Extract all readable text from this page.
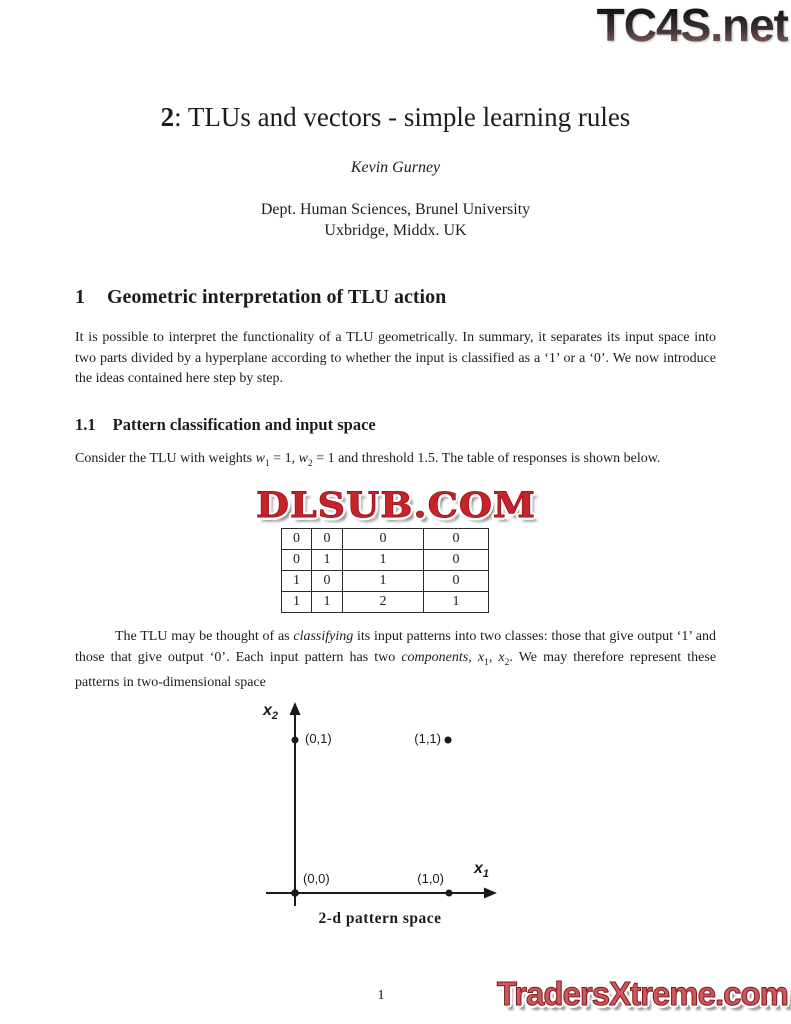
TC4S.net
2: TLUs and vectors - simple learning rules
Kevin Gurney
Dept. Human Sciences, Brunel University
Uxbridge, Middx. UK
1 Geometric interpretation of TLU action
It is possible to interpret the functionality of a TLU geometrically. In summary, it separates its input space into two parts divided by a hyperplane according to whether the input is classified as a ‘1’ or a ‘0’. We now introduce the ideas contained here step by step.
1.1 Pattern classification and input space
Consider the TLU with weights $w_1 = 1$, $w_2 = 1$ and threshold 1.5. The table of responses is shown below.
DLSUB.COM
0	0	0	0
0	1	1	0
1	0	1	0
1	1	2	1
The TLU may be thought of as classifying its input patterns into two classes: those that give output ‘1’ and those that give output ‘0’. Each input pattern has two components, $x_1$, $x_2$. We may therefore represent these patterns in two-dimensional space
$x_2$
$x_1$
(0,1)	(1,1)
(0,0)	(1,0)
2-d pattern space
1	TradersXtreme.com
